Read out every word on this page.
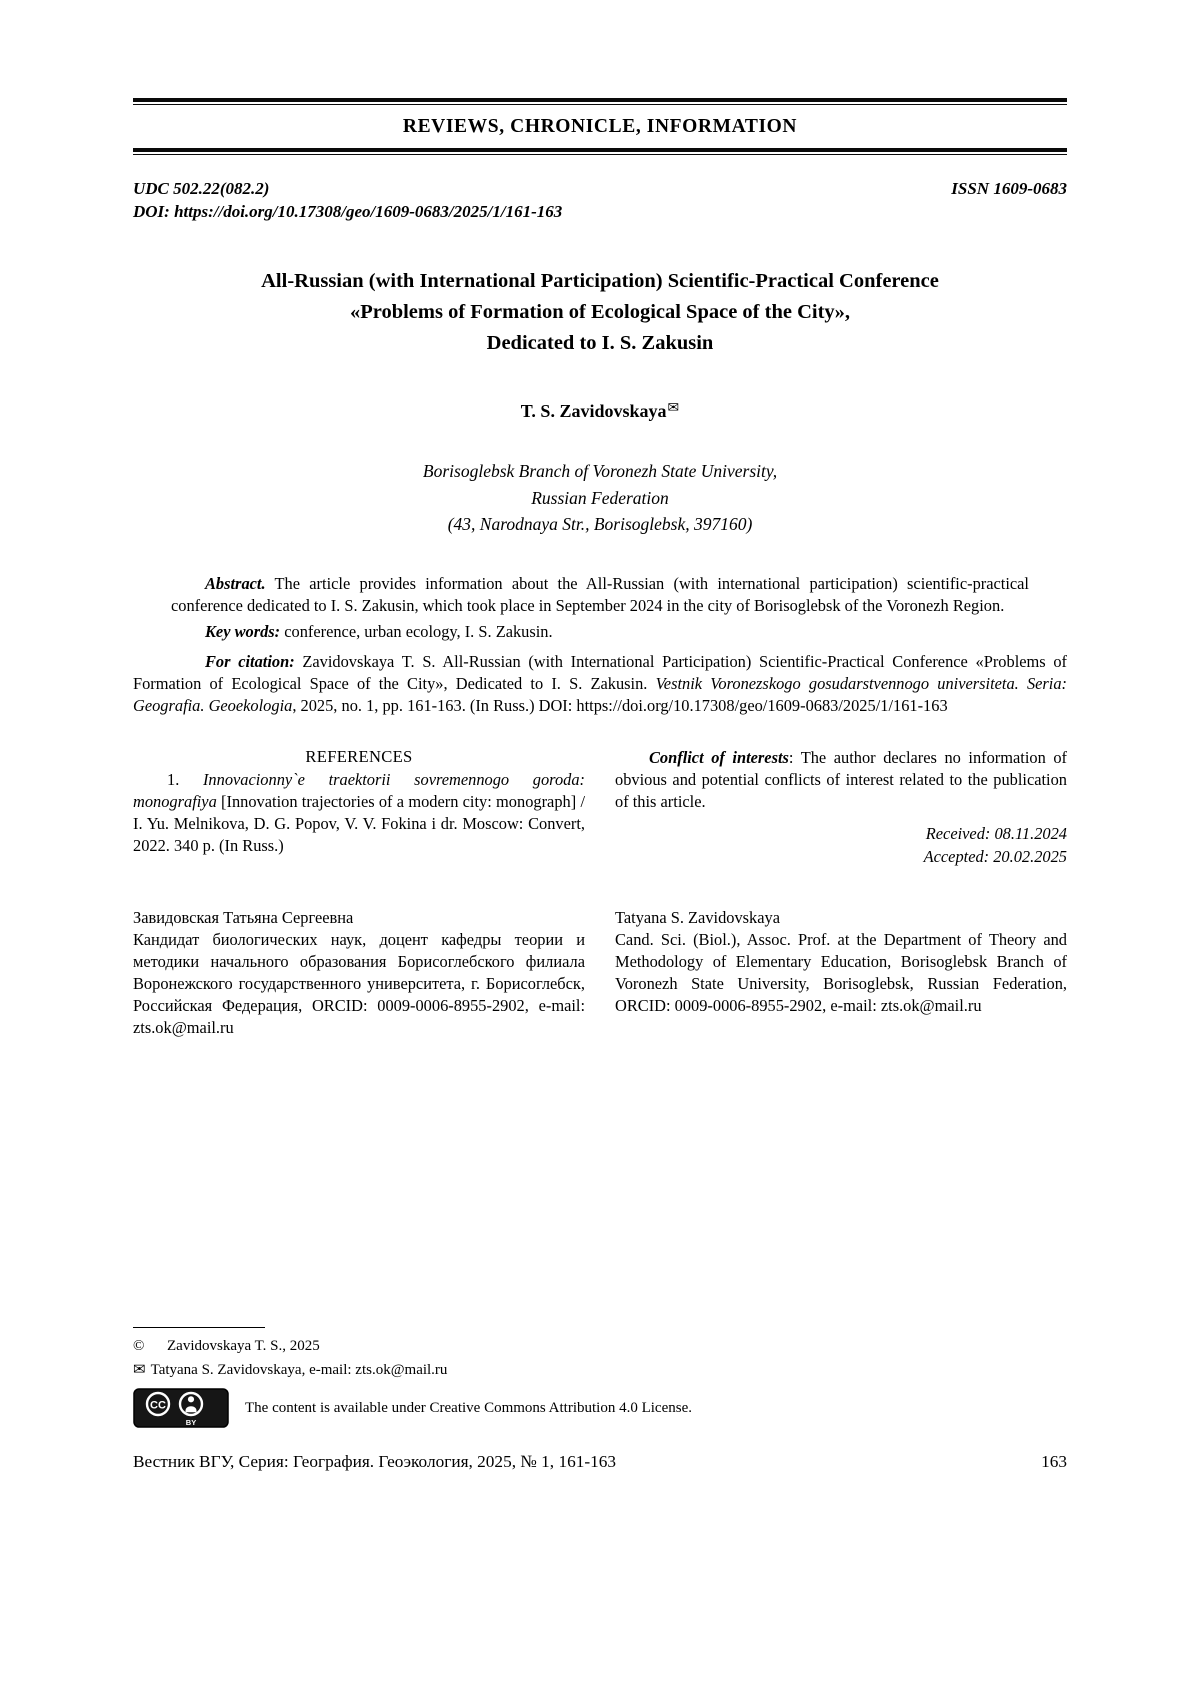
REVIEWS, CHRONICLE, INFORMATION
UDC 502.22(082.2)	ISSN 1609-0683
DOI: https://doi.org/10.17308/geo/1609-0683/2025/1/161-163
All-Russian (with International Participation) Scientific-Practical Conference
«Problems of Formation of Ecological Space of the City»,
Dedicated to I. S. Zakusin
T. S. Zavidovskaya✉
Borisoglebsk Branch of Voronezh State University,
Russian Federation
(43, Narodnaya Str., Borisoglebsk, 397160)

Abstract. The article provides information about the All-Russian (with international participation) scientific-practical conference dedicated to I. S. Zakusin, which took place in September 2024 in the city of Borisoglebsk of the Voronezh Region.

Key words: conference, urban ecology, I. S. Zakusin.

For citation: Zavidovskaya T. S. All-Russian (with International Participation) Scientific-Practical Conference «Problems of Formation of Ecological Space of the City», Dedicated to I. S. Zakusin. Vestnik Voronezskogo gosudarstvennogo universiteta. Seria: Geografia. Geoekologia, 2025, no. 1, pp. 161-163. (In Russ.) DOI: https://doi.org/10.17308/geo/1609-0683/2025/1/161-163

REFERENCES

1. Innovacionny`e traektorii sovremennogo goroda: monografiya [Innovation trajectories of a modern city: monograph] / I. Yu. Melnikova, D. G. Popov, V. V. Fokina i dr. Moscow: Convert, 2022. 340 p. (In Russ.)

Conflict of interests: The author declares no information of obvious and potential conflicts of interest related to the publication of this article.

Received: 08.11.2024
Accepted: 20.02.2025

Завидовская Татьяна Сергеевна

Кандидат биологических наук, доцент кафедры теории и методики начального образования Борисоглебского филиала Воронежского государственного университета, г. Борисоглебск, Российская Федерация, ORCID: 0009-0006-8955-2902, e-mail: zts.ok@mail.ru

Tatyana S. Zavidovskaya

Cand. Sci. (Biol.), Assoc. Prof. at the Department of Theory and Methodology of Elementary Education, Borisoglebsk Branch of Voronezh State University, Borisoglebsk, Russian Federation, ORCID: 0009-0006-8955-2902, e-mail: zts.ok@mail.ru

© Zavidovskaya T. S., 2025
✉ Tatyana S. Zavidovskaya, e-mail: zts.ok@mail.ru
CC
BY
The content is available under Creative Commons Attribution 4.0 License.
Вестник ВГУ, Серия: География. Геоэкология, 2025, № 1, 161-163	163
